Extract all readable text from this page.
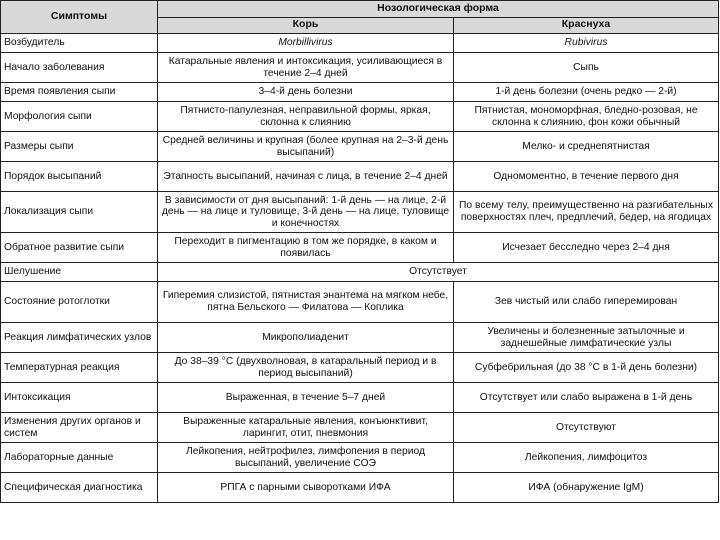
Симптомы	Нозологическая форма	
	Корь	Краснуха
Возбудитель	Morbillivirus	Rubivirus
Начало заболевания	Катаральные явления и интоксикация, усиливающиеся в течение 2–4 дней	Сыпь
Время появления сыпи	3–4-й день болезни	1-й день болезни (очень редко — 2-й)
Морфология сыпи	Пятнисто-папулезная, неправильной формы, яркая, склонна к слиянию	Пятнистая, мономорфная, бледно-розовая, не склонна к слиянию, фон кожи обычный
Размеры сыпи	Средней величины и крупная (более крупная на 2–3-й день высыпаний)	Мелко- и среднепятнистая
Порядок высыпаний	Этапность высыпаний, начиная с лица, в течение 2–4 дней	Одномоментно, в течение первого дня
Локализация сыпи	В зависимости от дня высыпаний: 1-й день — на лице, 2-й день — на лице и туловище, 3-й день — на лице, туловище и конечностях	По всему телу, преимущественно на разгибательных поверхностях плеч, предплечий, бедер, на ягодицах
Обратное развитие сыпи	Переходит в пигментацию в том же порядке, в каком и появилась	Исчезает бесследно через 2–4 дня
Шелушение	Отсутствует	
Состояние ротоглотки	Гиперемия слизистой, пятнистая энантема на мягком небе, пятна Бельского — Филатова — Коплика	Зев чистый или слабо гиперемирован
Реакция лимфатических узлов	Микрополиаденит	Увеличены и болезненные затылочные и заднешейные лимфатические узлы
Температурная реакция	До 38–39 °С (двухволновая, в катаральный период и в период высыпаний)	Субфебрильная (до 38 °С в 1-й день болезни)
Интоксикация	Выраженная, в течение 5–7 дней	Отсутствует или слабо выражена в 1-й день
Изменения других органов и систем	Выраженные катаральные явления, конъюнктивит, ларингит, отит, пневмония	Отсутствуют
Лабораторные данные	Лейкопения, нейтрофилез, лимфопения в период высыпаний, увеличение СОЭ	Лейкопения, лимфоцитоз
Специфическая диагностика	РПГА с парными сыворотками ИФА	ИФА (обнаружение IgM)
